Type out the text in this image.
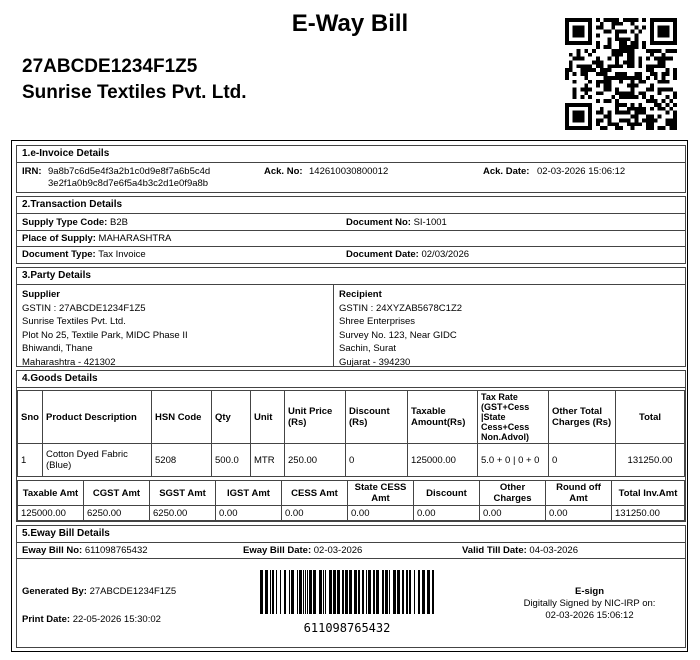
E-Way Bill
27ABCDE1234F1Z5
Sunrise Textiles Pvt. Ltd.
1.e-Invoice Details
IRN: 9a8b7c6d5e4f3a2b1c0d9e8f7a6b5c4d
3e2f1a0b9c8d7e6f5a4b3c2d1e0f9a8b
Ack. No: 142610030800012	Ack. Date: 02-03-2026 15:06:12
2.Transaction Details
Supply Type Code: B2B	Document No: SI-1001
Place of Supply: MAHARASHTRA
Document Type: Tax Invoice	Document Date: 02/03/2026
3.Party Details
Supplier
GSTIN : 27ABCDE1234F1Z5
Sunrise Textiles Pvt. Ltd.
Plot No 25, Textile Park, MIDC Phase II
Bhiwandi, Thane
Maharashtra - 421302
Recipient
GSTIN : 24XYZAB5678C1Z2
Shree Enterprises
Survey No. 123, Near GIDC
Sachin, Surat
Gujarat - 394230
4.Goods Details
Sno	Product Description	HSN Code	Qty	Unit	Unit Price (Rs)	Discount (Rs)	Taxable Amount(Rs)	Tax Rate (GST+Cess |State Cess+Cess Non.Advol)	Other Total Charges (Rs)	Total
1	Cotton Dyed Fabric (Blue)	5208	500.0	MTR	250.00	0	125000.00	5.0 + 0 | 0 + 0	0	131250.00
Taxable Amt	CGST Amt	SGST Amt	IGST Amt	CESS Amt	State CESS Amt	Discount	Other Charges	Round off Amt	Total Inv.Amt
125000.00	6250.00	6250.00	0.00	0.00	0.00	0.00	0.00	0.00	131250.00
5.Eway Bill Details
Eway Bill No: 611098765432	Eway Bill Date: 02-03-2026	Valid Till Date: 04-03-2026
Generated By: 27ABCDE1234F1Z5
Print Date: 22-05-2026 15:30:02
611098765432
E-sign
Digitally Signed by NIC-IRP on:
02-03-2026 15:06:12
